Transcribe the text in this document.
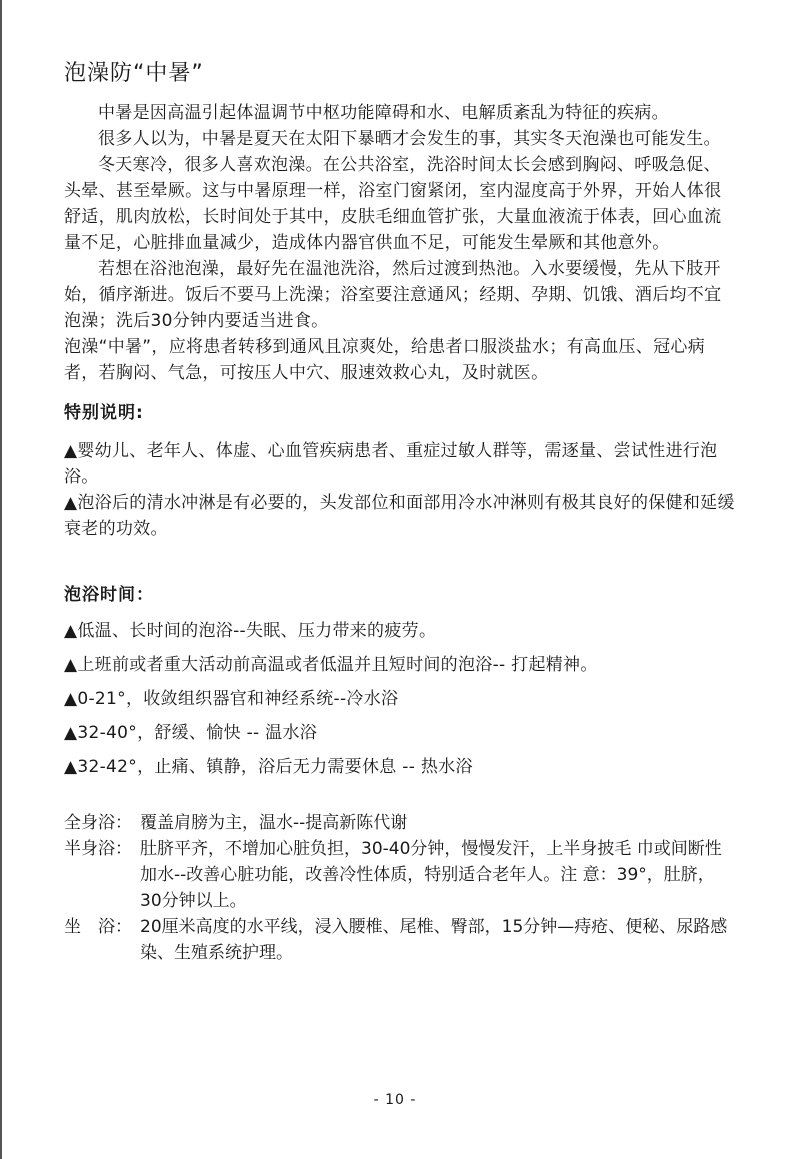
泡澡防“中暑”

中暑是因高温引起体温调节中枢功能障碍和水、电解质紊乱为特征的疾病。

很多人以为，中暑是夏天在太阳下暴晒才会发生的事，其实冬天泡澡也可能发生。

冬天寒冷，很多人喜欢泡澡。在公共浴室，洗浴时间太长会感到胸闷、呼吸急促、头晕、甚至晕厥。这与中暑原理一样，浴室门窗紧闭，室内湿度高于外界，开始人体很舒适，肌肉放松，长时间处于其中，皮肤毛细血管扩张，大量血液流于体表，回心血流量不足，心脏排血量减少，造成体内器官供血不足，可能发生晕厥和其他意外。

若想在浴池泡澡，最好先在温池洗浴，然后过渡到热池。入水要缓慢，先从下肢开始，循序渐进。饭后不要马上洗澡；浴室要注意通风；经期、孕期、饥饿、酒后均不宜泡澡；洗后30分钟内要适当进食。

泡澡“中暑”，应将患者转移到通风且凉爽处，给患者口服淡盐水；有高血压、冠心病者，若胸闷、气急，可按压人中穴、服速效救心丸，及时就医。

特别说明:

▲婴幼儿、老年人、体虚、心血管疾病患者、重症过敏人群等，需逐量、尝试性进行泡浴。

▲泡浴后的清水冲淋是有必要的，头发部位和面部用冷水冲淋则有极其良好的保健和延缓衰老的功效。

泡浴时间：

▲低温、长时间的泡浴--失眠、压力带来的疲劳。

▲上班前或者重大活动前高温或者低温并且短时间的泡浴-- 打起精神。

▲0-21°，收敛组织器官和神经系统--冷水浴

▲32-40°，舒缓、愉快 -- 温水浴

▲32-42°，止痛、镇静，浴后无力需要休息 -- 热水浴

全身浴： 覆盖肩膀为主，温水--提高新陈代谢
半身浴： 肚脐平齐，不增加心脏负担，30-40分钟，慢慢发汗，上半身披毛 巾或间断性加水--改善心脏功能，改善冷性体质，特别适合老年人。注 意：39°，肚脐，30分钟以上。
坐　浴： 20厘米高度的水平线，浸入腰椎、尾椎、臀部，15分钟—痔疮、便秘、尿路感染、生殖系统护理。
- 10 -
